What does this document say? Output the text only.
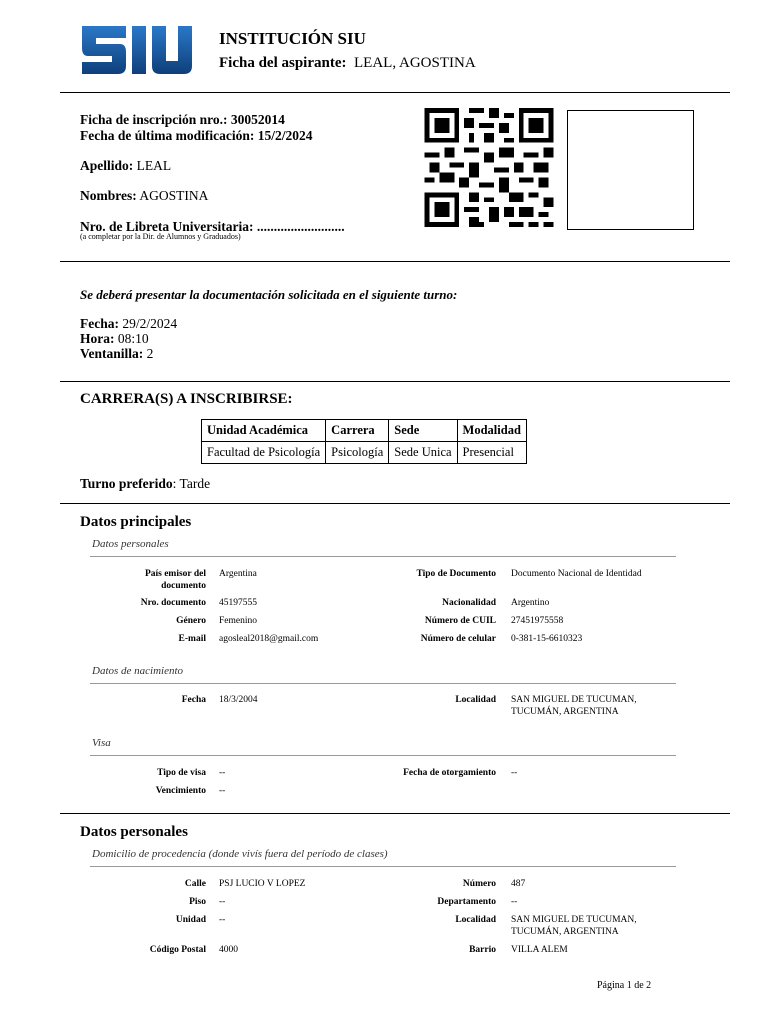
INSTITUCIÓN SIU
Ficha del aspirante: LEAL, AGOSTINA
Ficha de inscripción nro.: 30052014
Fecha de última modificación: 15/2/2024
Apellido: LEAL
Nombres: AGOSTINA
Nro. de Libreta Universitaria: ..........................
(a completar por la Dir. de Alumnos y Graduados)
Se deberá presentar la documentación solicitada en el siguiente turno:
Fecha: 29/2/2024
Hora: 08:10
Ventanilla: 2
CARRERA(S) A INSCRIBIRSE:
Unidad Académica	Carrera	Sede	Modalidad
Facultad de Psicología	Psicología	Sede Unica	Presencial
Turno preferido: Tarde
Datos principales
Datos personales
País emisor del
documento
Argentina	Tipo de Documento Documento Nacional de Identidad
Nro. documento 45197555	Nacionalidad Argentino
Género Femenino	Número de CUIL 27451975558
E-mail agosleal2018@gmail.com	Número de celular 0-381-15-6610323
Datos de nacimiento
Fecha 18/3/2004	Localidad SAN MIGUEL DE TUCUMAN,
TUCUMÁN, ARGENTINA
Visa
Tipo de visa --	Fecha de otorgamiento --
Vencimiento --
Datos personales
Domicilio de procedencia (donde vivís fuera del período de clases)
Calle PSJ LUCIO V LOPEZ	Número 487
Piso --	Departamento --
Unidad --	Localidad SAN MIGUEL DE TUCUMAN,
TUCUMÁN, ARGENTINA
Código Postal 4000	Barrio VILLA ALEM
Página 1 de 2
